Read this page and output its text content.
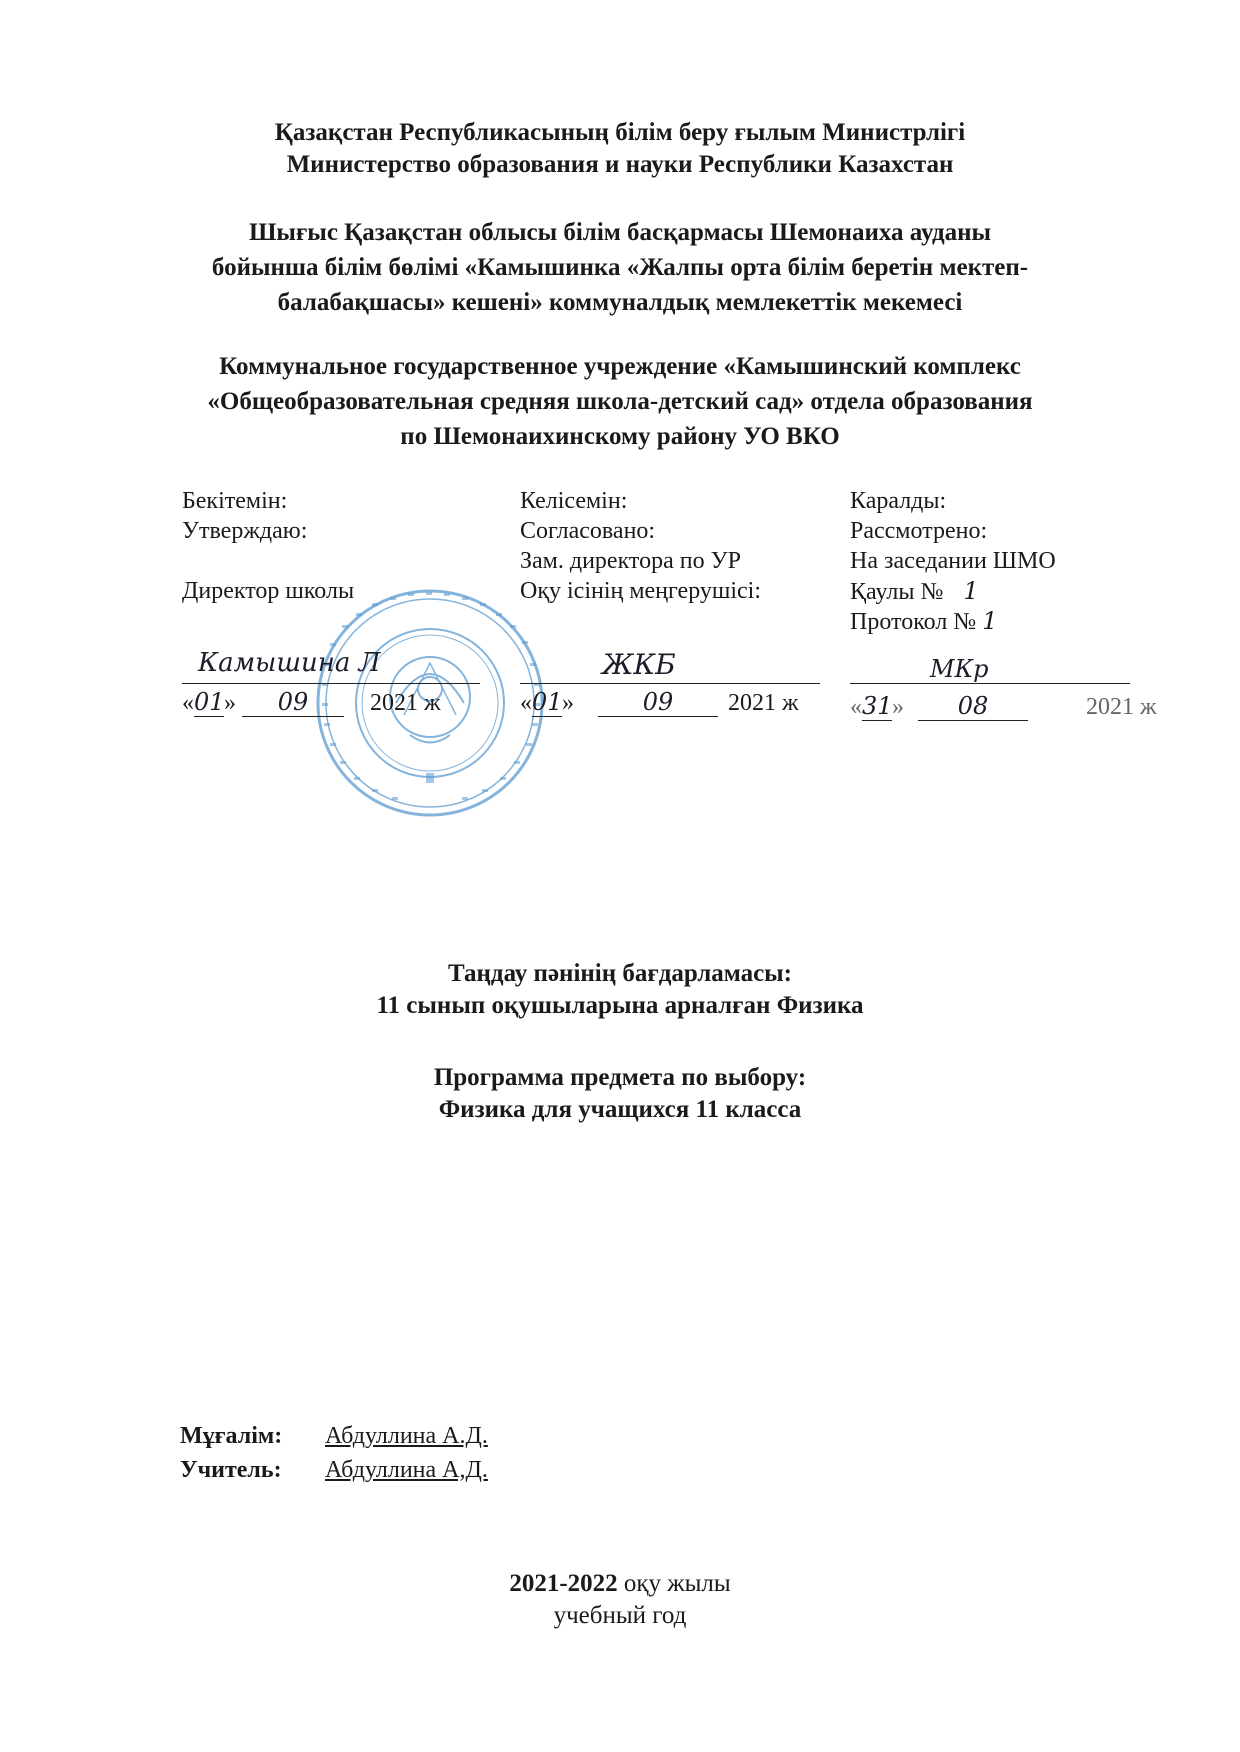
Қазақстан Республикасының білім беру ғылым Министрлігі
Министерство образования и науки Республики Казахстан
Шығыс Қазақстан облысы білім басқармасы Шемонаиха ауданы
бойынша білім бөлімі «Камышинка «Жалпы орта білім беретін мектеп-
балабақшасы» кешені» коммуналдық мемлекеттік мекемесі
Коммунальное государственное учреждение «Камышинский комплекс
«Общеобразовательная средняя школа-детский сад» отдела образования
по Шемонаихинскому району УО ВКО
Бекітемін:
Утверждаю:
Директор школы
Камышина Л
«01» 09	2021 ж
Келісемін:
Согласовано:
Зам. директора по УР
Оқу ісінің меңгерушісі:
ЖКБ
«01»	09 2021 ж
Каралды:
Рассмотрено:
На заседании ШМО
Қаулы № 1
Протокол № 1
МКр
«31» 08	2021 ж
Таңдау пәнінің бағдарламасы:
11 сынып оқушыларына арналған Физика
Программа предмета по выбору:
Физика для учащихся 11 класса
Мұғалім: Абдуллина А.Д.
Учитель: Абдуллина А,Д.
2021-2022 оқу жылы
учебный год
